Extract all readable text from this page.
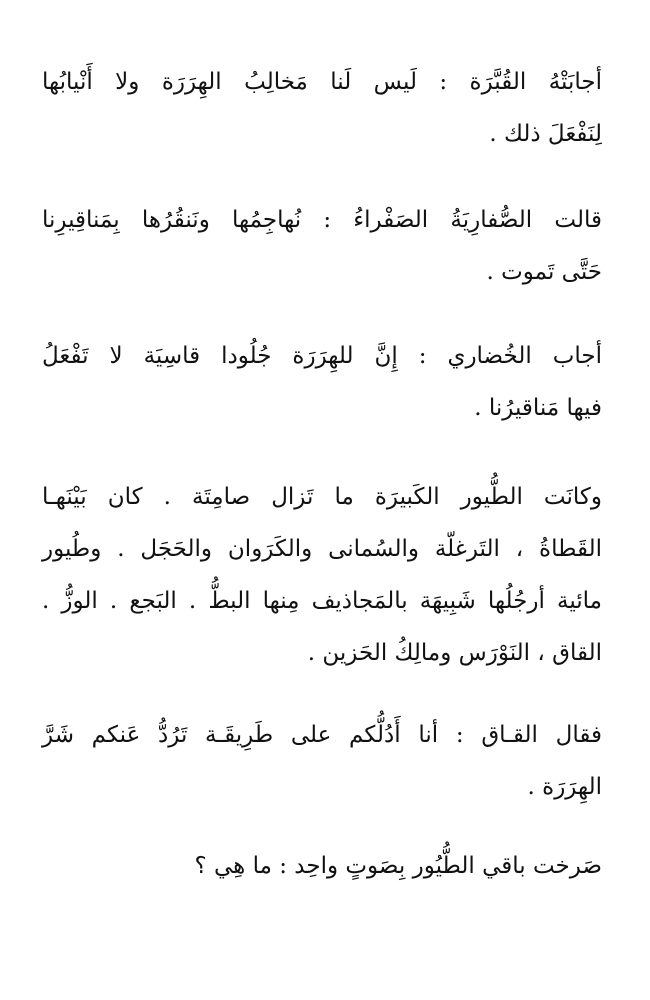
أجابَتْهُ القُبَّرَة : لَيس لَنا مَخالِبُ الهِرَرَة ولا أَنْيابُها
لِنَفْعَلَ ذلك .
قالت الصُّفارِيَةُ الصَفْراءُ : نُهاجِمُها ونَنقُرُها بِمَناقِيرِنا
حَتَّى تَموت .
أجاب الخُضاري : إِنَّ للهِرَرَة جُلُودا قاسِيَة لا تَفْعَلُ
فيها مَناقيرُنا .
وكانَت الطُّيور الكَبيرَة ما تَزال صامِتَة . كان بَيْنَهـا
القَطاةُ ، التَرغلّة والسُمانى والكَرَوان والحَجَل . وطُيور
مائية أرجُلُها شَبِيهَة بالمَجاذيف مِنها البطُّ . البَجع . الوزُّ .
القاق ، النَوْرَس ومالِكُ الحَزين .
فقال القـاق : أنا أَدُلُّكم على طَرِيقَـة تَرُدُّ عَنكم شَرَّ
الهِرَرَة .
صَرخت باقي الطُّيُور بِصَوتٍ واحِد : ما هِي ؟
